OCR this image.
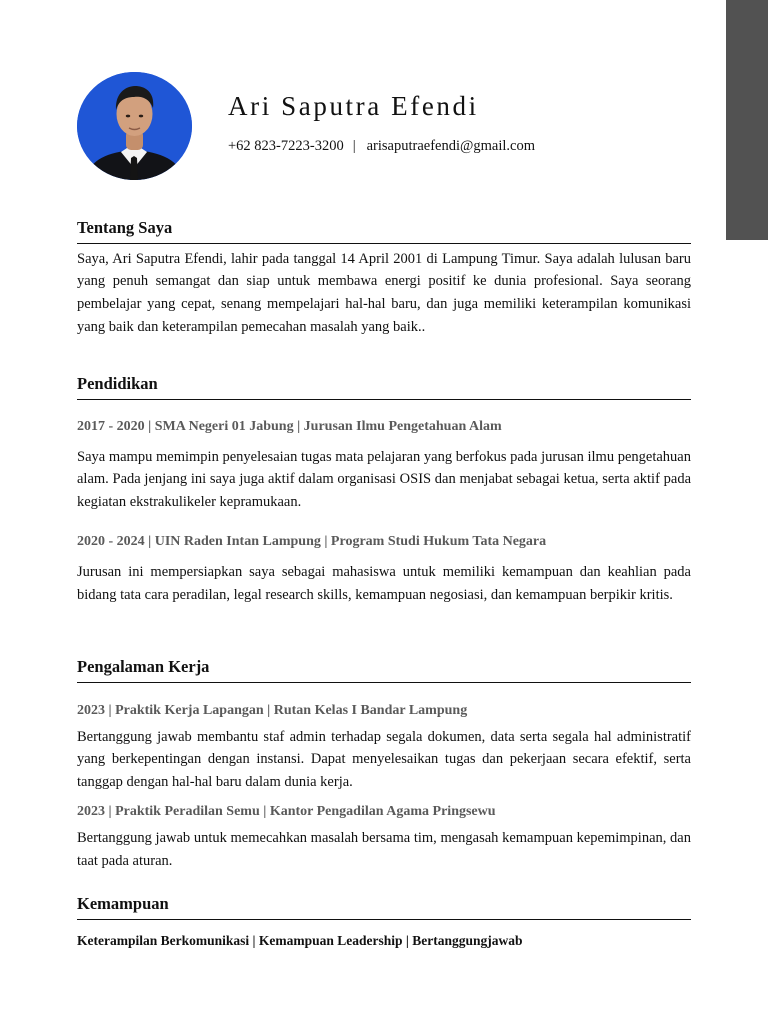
Ari Saputra Efendi
+62 823-7223-3200 | arisaputraefendi@gmail.com
Tentang Saya

Saya, Ari Saputra Efendi, lahir pada tanggal 14 April 2001 di Lampung Timur. Saya adalah lulusan baru yang penuh semangat dan siap untuk membawa energi positif ke dunia profesional. Saya seorang pembelajar yang cepat, senang mempelajari hal-hal baru, dan juga memiliki keterampilan komunikasi yang baik dan keterampilan pemecahan masalah yang baik..

Pendidikan
2017 - 2020 | SMA Negeri 01 Jabung | Jurusan Ilmu Pengetahuan Alam

Saya mampu memimpin penyelesaian tugas mata pelajaran yang berfokus pada jurusan ilmu pengetahuan alam. Pada jenjang ini saya juga aktif dalam organisasi OSIS dan menjabat sebagai ketua, serta aktif pada kegiatan ekstrakulikeler kepramukaan.

2020 - 2024 | UIN Raden Intan Lampung | Program Studi Hukum Tata Negara

Jurusan ini mempersiapkan saya sebagai mahasiswa untuk memiliki kemampuan dan keahlian pada bidang tata cara peradilan, legal research skills, kemampuan negosiasi, dan kemampuan berpikir kritis.

Pengalaman Kerja
2023 | Praktik Kerja Lapangan | Rutan Kelas I Bandar Lampung

Bertanggung jawab membantu staf admin terhadap segala dokumen, data serta segala hal administratif yang berkepentingan dengan instansi. Dapat menyelesaikan tugas dan pekerjaan secara efektif, serta tanggap dengan hal-hal baru dalam dunia kerja.

2023 | Praktik Peradilan Semu | Kantor Pengadilan Agama Pringsewu

Bertanggung jawab untuk memecahkan masalah bersama tim, mengasah kemampuan kepemimpinan, dan taat pada aturan.

Kemampuan

Keterampilan Berkomunikasi | Kemampuan Leadership | Bertanggungjawab
